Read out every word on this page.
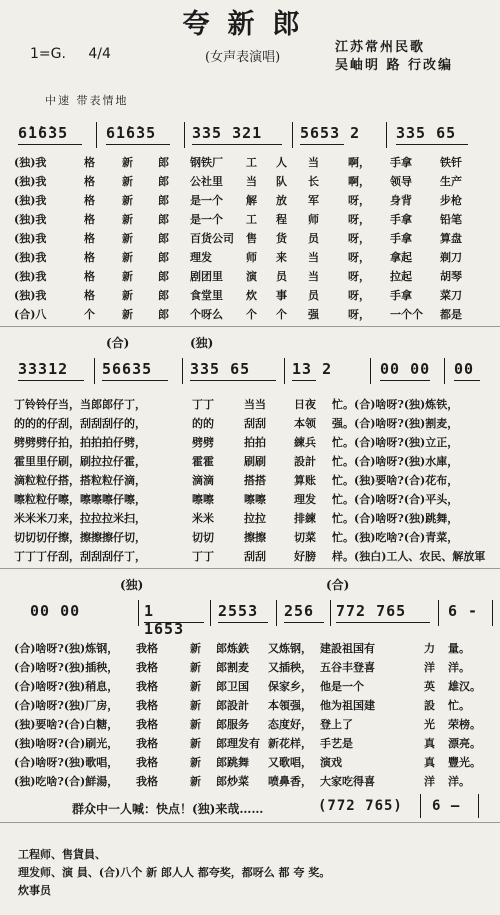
夸新郎
1=G. 4/4	(女声表演唱)
江苏常州民歌
吴岫明 路 行改编
中速 带表情地
6̇1̇6̇35	6̇1̇6̇35	335 321	5653 2	335 65
(独)我	格 新 郎 钢铁厂 工 人 当	啊， 手拿	铁钎
(独)我	格 新 郎 公社里 当 队 长	啊， 领导	生产
(独)我	格 新 郎 是一个 解 放 军	呀， 身背	步枪
(独)我	格 新 郎 是一个 工 程 师	呀， 手拿	铅笔
(独)我	格 新 郎 百货公司 售 货 员	呀， 手拿	算盘
(独)我	格 新 郎 理发	师 来 当	呀， 拿起	剃刀
(独)我	格 新 郎 剧团里 演 员 当	呀， 拉起	胡琴
(独)我	格 新 郎 食堂里 炊 事 员	呀， 手拿	菜刀
(合)八	个 新 郎 个呀么 个 个 强	呀， 一个个 都是
(合)	(独)
33312	56635	335 65	13 2	00 00	00
丁铃铃仔当，当郎郎仔丁，	丁丁	当当	日夜 忙。(合)啥呀?(独)炼铁，
的的的仔刮，刮刮刮仔的，	的的	刮刮	本领 强。(合)啥呀?(独)割麦，
劈劈劈仔拍，拍拍拍仔劈，	劈劈	拍拍	練兵 忙。(合)啥呀?(独)立正，
霍里里仔刷，刷拉拉仔霍，	霍霍	刷刷	設計 忙。(合)啥呀?(独)水庫，
滴粒粒仔搭，搭粒粒仔滴，	滴滴	搭搭	算账 忙。(独)要啥?(合)花布，
嚓粒粒仔嚓，嚓嚓嚓仔嚓，	嚓嚓	嚓嚓	理发 忙。(合)啥呀?(合)平头，
米米米刀来，拉拉拉米扫，	米米	拉拉	排練 忙。(合)啥呀?(独)跳舞，
切切切仔擦，擦擦擦仔切，	切切	擦擦	切菜 忙。(独)吃啥?(合)青菜，
丁丁丁仔刮，刮刮刮仔丁，	丁丁	刮刮	好膀 样。(独白)工人、农民、解放軍
(独)	(合)
00 00	1 1653
2553	256	772 765	6 -
(合)啥呀?(独)炼钢， 我格	新 郎炼鉄 又炼钢， 建設祖国有	力 量。
(合)啥呀?(独)插秧， 我格	新 郎割麦 又插秧， 五谷丰登喜	洋 洋。
(合)啥呀?(独)稍息， 我格	新 郎卫国 保家乡， 他是一个	英 雄汉。
(合)啥呀?(独)厂房， 我格	新 郎設計 本領强， 他为祖国建	設 忙。
(独)要啥?(合)白糖， 我格	新 郎服务 态度好， 登上了	光 荣榜。
(独)啥呀?(合)刷光， 我格	新 郎理发有 新花样， 手艺是	真 漂亮。
(合)啥呀?(独)歌唱， 我格	新 郎跳舞 又歌唱， 演戏	真 豐光。
(独)吃啥?(合)鮮湯， 我格	新 郎炒菜 喷鼻香， 大家吃得喜	洋 洋。
群众中一人喊：快点！(独)来哉……	(772 765) 6 —
工程师、售貨員、
理发师、演 員、(合)八个 新 郎人人 都夸奖，都呀么 都 夸 奖。
炊事员
